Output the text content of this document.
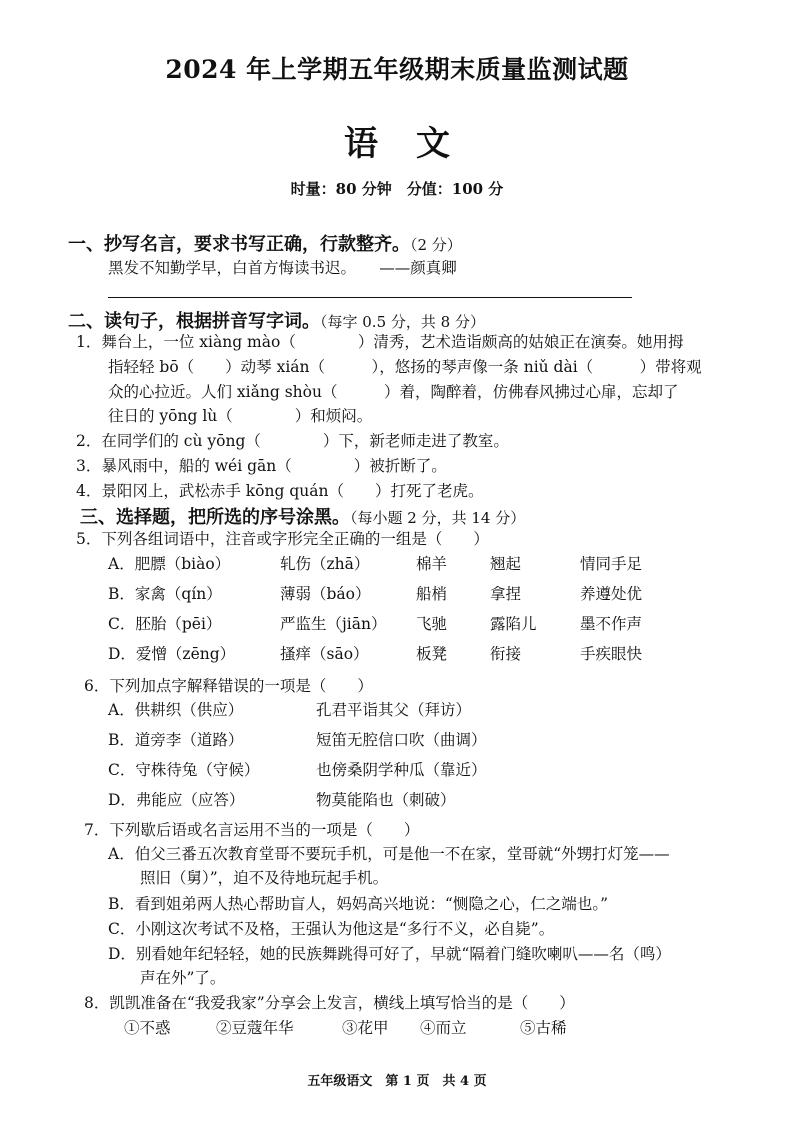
2024 年上学期五年级期末质量监测试题
语文
时量：80 分钟　分值：100 分
一、抄写名言，要求书写正确，行款整齐。（2 分）
黑发不知勤学早，白首方悔读书迟。　　——颜真卿
二、读句子，根据拼音写字词。（每字 0.5 分，共 8 分）
1．舞台上，一位 xiàng mào（　　　　）清秀，艺术造诣颇高的姑娘正在演奏。她用拇
指轻轻 bō（　　）动琴 xián（　　　），悠扬的琴声像一条 niǔ dài（　　　）带将观
众的心拉近。人们 xiǎng shòu（　　　）着，陶醉着，仿佛春风拂过心扉，忘却了
往日的 yōng lù（　　　　）和烦闷。
2．在同学们的 cù yōng（　　　　）下，新老师走进了教室。
3．暴风雨中，船的 wéi gān（　　　　）被折断了。
4．景阳冈上，武松赤手 kōng quán（　　）打死了老虎。
三、选择题，把所选的序号涂黑。（每小题 2 分，共 14 分）
5．下列各组词语中，注音或字形完全正确的一组是（　　）
A．肥膘（biào）	轧伤（zhā）	棉羊	翘起	情同手足
B．家禽（qín）	薄弱（báo）	船梢	拿捏	养遵处优
C．胚胎（pēi）	严监生（jiān） 飞驰	露陷儿	墨不作声
D．爱憎（zēng）	搔痒（sāo）	板凳	衔接	手疾眼快
6．下列加点字解释错误的一项是（　　）
A．供耕织（供应）	孔君平诣其父（拜访）
B．道旁李（道路）	短笛无腔信口吹（曲调）
C．守株待兔（守候）	也傍桑阴学种瓜（靠近）
D．弗能应（应答）	物莫能陷也（刺破）
7．下列歇后语或名言运用不当的一项是（　　）
A．伯父三番五次教育堂哥不要玩手机，可是他一不在家，堂哥就“外甥打灯笼——
照旧（舅）”，迫不及待地玩起手机。
B．看到姐弟两人热心帮助盲人，妈妈高兴地说：“恻隐之心，仁之端也。”
C．小刚这次考试不及格，王强认为他这是“多行不义，必自毙”。
D．别看她年纪轻轻，她的民族舞跳得可好了，早就“隔着门缝吹喇叭——名（鸣）
声在外”了。
8．凯凯准备在“我爱我家”分享会上发言，横线上填写恰当的是（　　）
①不惑	②豆蔻年华	③花甲 ④而立	⑤古稀
五年级语文　第 1 页　共 4 页
